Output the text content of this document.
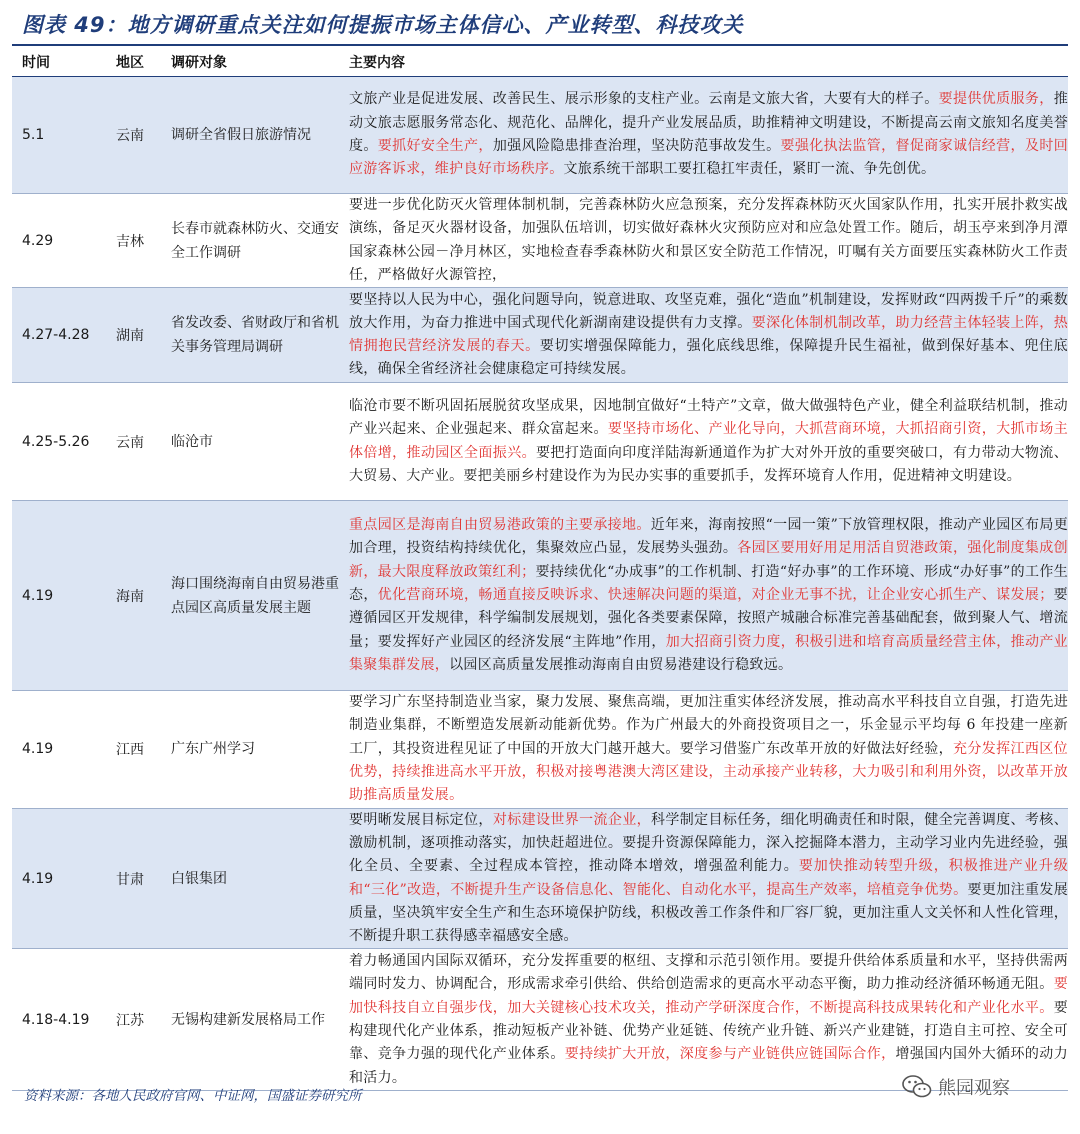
图表 49：地方调研重点关注如何提振市场主体信心、产业转型、科技攻关
时间	地区	调研对象	主要内容
5.1	云南	调研全省假日旅游情况	文旅产业是促进发展、改善民生、展示形象的支柱产业。云南是文旅大省，大要有大的样子。要提供优质服务，推动文旅志愿服务常态化、规范化、品牌化，提升产业发展品质，助推精神文明建设，不断提高云南文旅知名度美誉度。要抓好安全生产，加强风险隐患排查治理，坚决防范事故发生。要强化执法监管，督促商家诚信经营，及时回应游客诉求，维护良好市场秩序。文旅系统干部职工要扛稳扛牢责任，紧盯一流、争先创优。
4.29	吉林	长春市就森林防火、交通安全工作调研	要进一步优化防灭火管理体制机制，完善森林防火应急预案，充分发挥森林防灭火国家队作用，扎实开展扑救实战演练，备足灭火器材设备，加强队伍培训，切实做好森林火灾预防应对和应急处置工作。随后，胡玉亭来到净月潭国家森林公园－净月林区，实地检查春季森林防火和景区安全防范工作情况，叮嘱有关方面要压实森林防火工作责任，严格做好火源管控，
4.27-4.28	湖南	省发改委、省财政厅和省机关事务管理局调研	要坚持以人民为中心，强化问题导向，锐意进取、攻坚克难，强化“造血”机制建设，发挥财政“四两拨千斤”的乘数放大作用，为奋力推进中国式现代化新湖南建设提供有力支撑。要深化体制机制改革，助力经营主体轻装上阵，热情拥抱民营经济发展的春天。要切实增强保障能力，强化底线思维，保障提升民生福祉，做到保好基本、兜住底线，确保全省经济社会健康稳定可持续发展。
4.25-5.26	云南	临沧市	临沧市要不断巩固拓展脱贫攻坚成果，因地制宜做好“土特产”文章，做大做强特色产业，健全利益联结机制，推动产业兴起来、企业强起来、群众富起来。要坚持市场化、产业化导向，大抓营商环境，大抓招商引资，大抓市场主体倍增，推动园区全面振兴。要把打造面向印度洋陆海新通道作为扩大对外开放的重要突破口，有力带动大物流、大贸易、大产业。要把美丽乡村建设作为为民办实事的重要抓手，发挥环境育人作用，促进精神文明建设。
4.19	海南	海口围绕海南自由贸易港重点园区高质量发展主题	重点园区是海南自由贸易港政策的主要承接地。近年来，海南按照“一园一策”下放管理权限，推动产业园区布局更加合理，投资结构持续优化，集聚效应凸显，发展势头强劲。各园区要用好用足用活自贸港政策，强化制度集成创新，最大限度释放政策红利；要持续优化“办成事”的工作机制、打造“好办事”的工作环境、形成“办好事”的工作生态，优化营商环境，畅通直接反映诉求、快速解决问题的渠道，对企业无事不扰，让企业安心抓生产、谋发展；要遵循园区开发规律，科学编制发展规划，强化各类要素保障，按照产城融合标准完善基础配套，做到聚人气、增流量；要发挥好产业园区的经济发展“主阵地”作用，加大招商引资力度，积极引进和培育高质量经营主体，推动产业集聚集群发展，以园区高质量发展推动海南自由贸易港建设行稳致远。
4.19	江西	广东广州学习	要学习广东坚持制造业当家，聚力发展、聚焦高端，更加注重实体经济发展，推动高水平科技自立自强，打造先进制造业集群，不断塑造发展新动能新优势。作为广州最大的外商投资项目之一，乐金显示平均每 6 年投建一座新工厂，其投资进程见证了中国的开放大门越开越大。要学习借鉴广东改革开放的好做法好经验，充分发挥江西区位优势，持续推进高水平开放，积极对接粤港澳大湾区建设，主动承接产业转移，大力吸引和利用外资，以改革开放助推高质量发展。
4.19	甘肃	白银集团	要明晰发展目标定位，对标建设世界一流企业，科学制定目标任务，细化明确责任和时限，健全完善调度、考核、激励机制，逐项推动落实，加快赶超进位。要提升资源保障能力，深入挖掘降本潜力，主动学习业内先进经验，强化全员、全要素、全过程成本管控，推动降本增效，增强盈利能力。要加快推动转型升级，积极推进产业升级和“三化”改造，不断提升生产设备信息化、智能化、自动化水平，提高生产效率，培植竞争优势。要更加注重发展质量，坚决筑牢安全生产和生态环境保护防线，积极改善工作条件和厂容厂貌，更加注重人文关怀和人性化管理，不断提升职工获得感幸福感安全感。
4.18-4.19	江苏	无锡构建新发展格局工作	着力畅通国内国际双循环，充分发挥重要的枢纽、支撑和示范引领作用。要提升供给体系质量和水平，坚持供需两端同时发力、协调配合，形成需求牵引供给、供给创造需求的更高水平动态平衡，助力推动经济循环畅通无阻。要加快科技自立自强步伐，加大关键核心技术攻关，推动产学研深度合作，不断提高科技成果转化和产业化水平。要构建现代化产业体系，推动短板产业补链、优势产业延链、传统产业升链、新兴产业建链，打造自主可控、安全可靠、竞争力强的现代化产业体系。要持续扩大开放，深度参与产业链供应链国际合作，增强国内国外大循环的动力和活力。
资料来源：各地人民政府官网、中证网，国盛证券研究所	熊园观察
